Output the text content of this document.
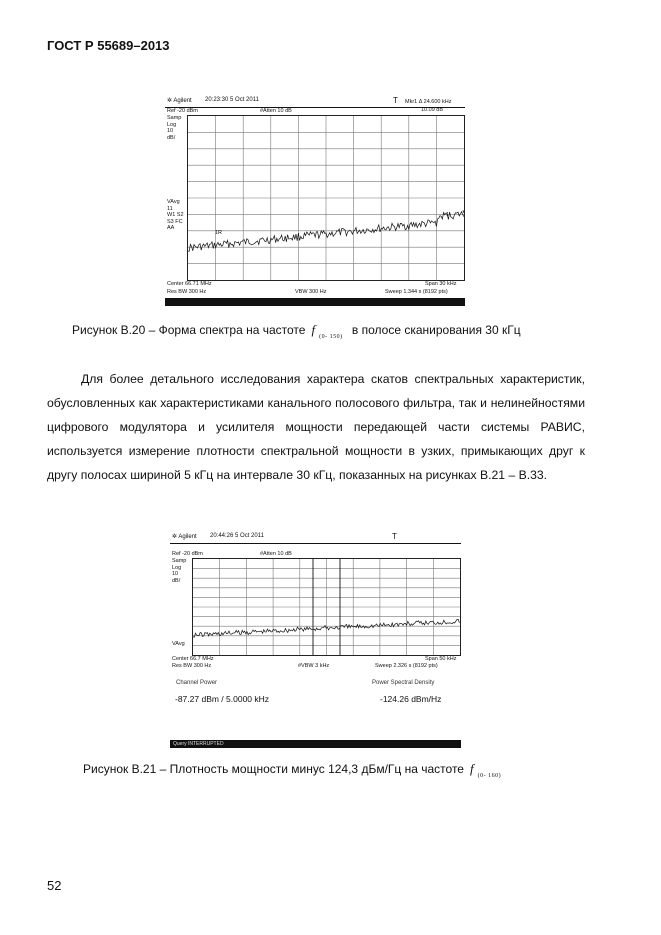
ГОСТ Р 55689–2013
✲ Agilent 20:23:30 5 Oct 2011	T Mkr1 Δ 24.600 kHz
10.09 dB
Ref -20 dBm	#Atten 10 dB
Samp
Log
10
dB/
VAvg
11
W1 S2
S3 FC
AA
1R
1
Center 66.71 MHz	Span 30 kHz
Res BW 300 Hz	VBW 300 Hz	Sweep 1.344 s (8192 pts)
Рисунок В.20 – Форма спектра на частоте f $_{(0- 150)}$ в полосе сканирования 30 кГц

Для более детального исследования характера скатов спектральных характеристик, обусловленных как характеристиками канального полосового фильтра, так и нелинейностями цифрового модулятора и усилителя мощности передающей части системы РАВИС, используется измерение плотности спектральной мощности в узких, примыкающих друг к другу полосах шириной 5 кГц на интервале 30 кГц, показанных на рисунках В.21 – В.33.

✲ Agilent 20:44:26 5 Oct 2011	T
Ref -20 dBm	#Atten 10 dB
Samp
Log
10
dB/
VAvg
Center 66.7 MHz	Span 50 kHz
Res BW 300 Hz	#VBW 3 kHz	Sweep 2.326 s (8192 pts)
Channel Power	Power Spectral Density
-87.27 dBm / 5.0000 kHz	-124.26 dBm/Hz
Query INTERRUPTED
Рисунок В.21 – Плотность мощности минус 124,3 дБм/Гц на частоте f $_{(0- 160)}$
52
